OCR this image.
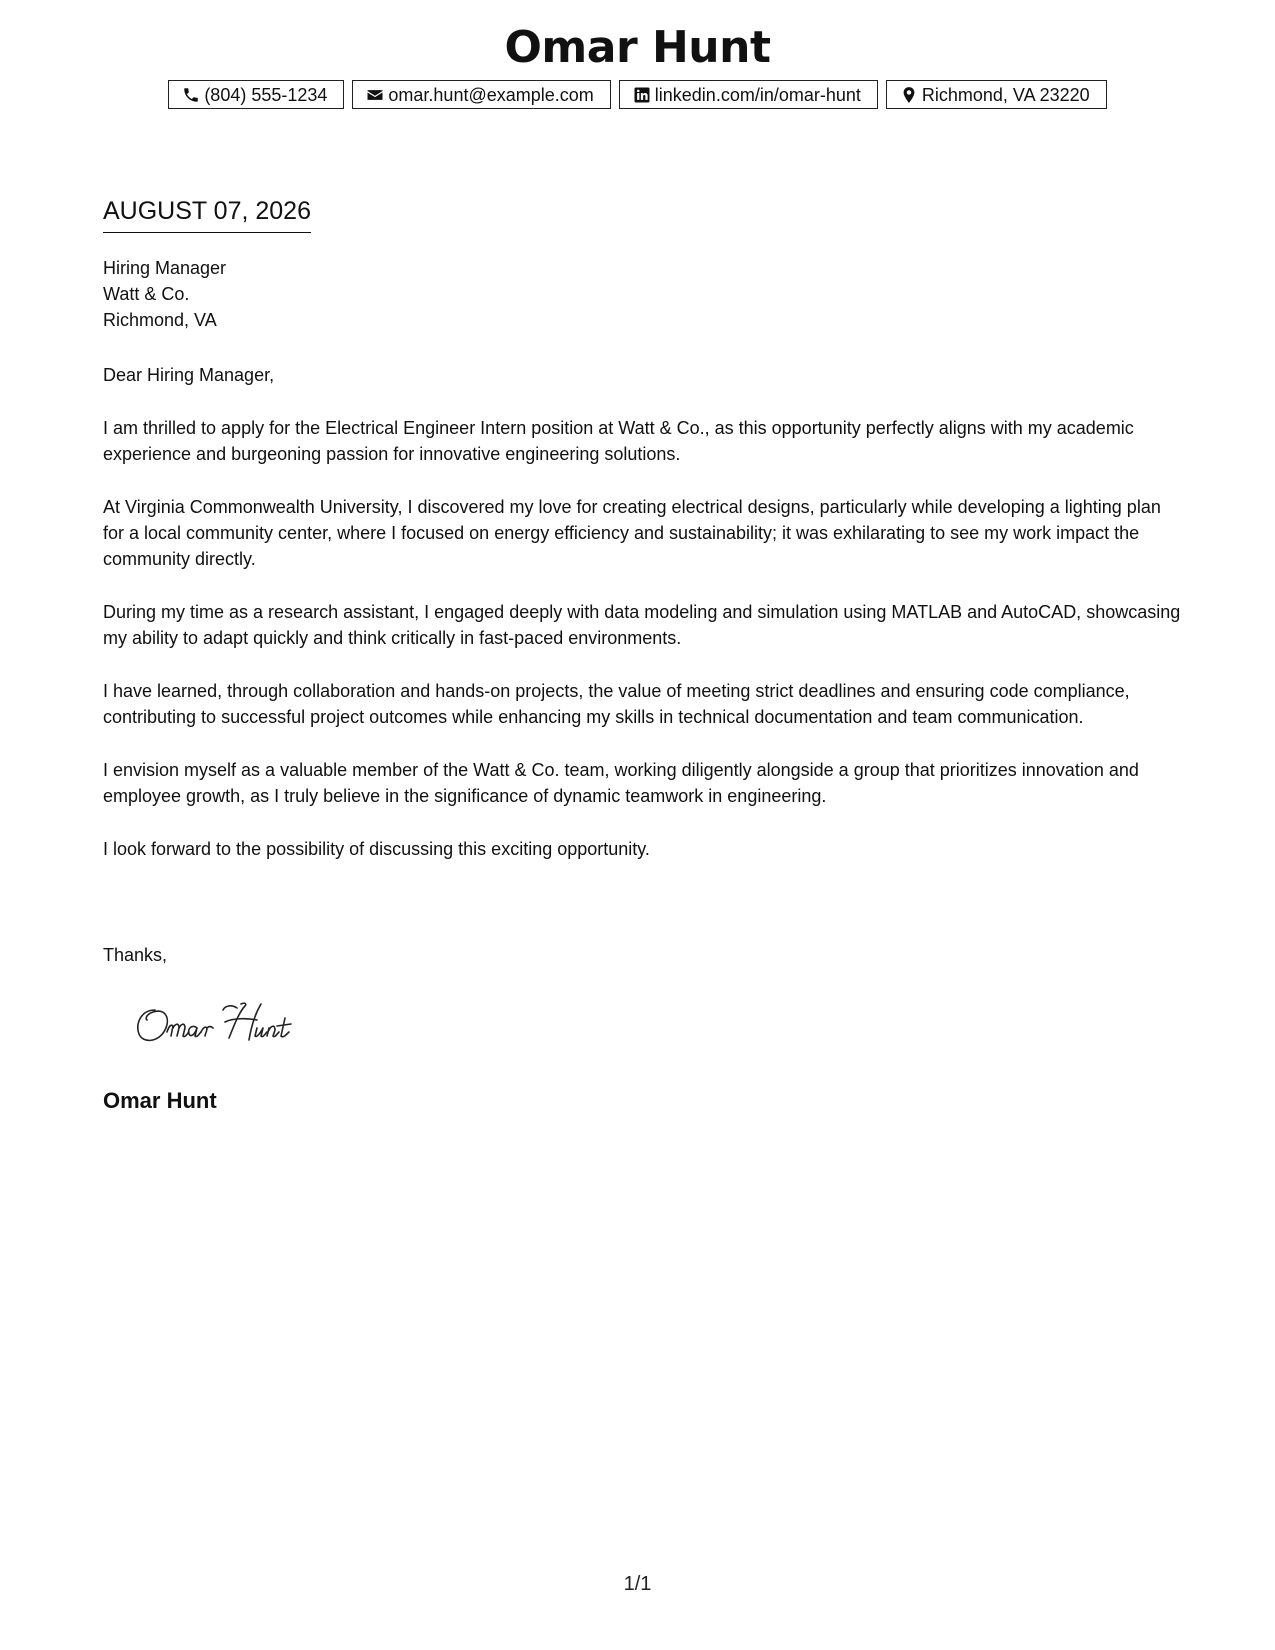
Omar Hunt
(804) 555-1234	omar.hunt@example.com	linkedin.com/in/omar-hunt	Richmond, VA 23220
AUGUST 07, 2026
Hiring Manager
Watt & Co.
Richmond, VA

Dear Hiring Manager,

I am thrilled to apply for the Electrical Engineer Intern position at Watt & Co., as this opportunity perfectly aligns with my academic experience and burgeoning passion for innovative engineering solutions.

At Virginia Commonwealth University, I discovered my love for creating electrical designs, particularly while developing a lighting plan for a local community center, where I focused on energy efficiency and sustainability; it was exhilarating to see my work impact the community directly.

During my time as a research assistant, I engaged deeply with data modeling and simulation using MATLAB and AutoCAD, showcasing my ability to adapt quickly and think critically in fast-paced environments.

I have learned, through collaboration and hands-on projects, the value of meeting strict deadlines and ensuring code compliance, contributing to successful project outcomes while enhancing my skills in technical documentation and team communication.

I envision myself as a valuable member of the Watt & Co. team, working diligently alongside a group that prioritizes innovation and employee growth, as I truly believe in the significance of dynamic teamwork in engineering.

I look forward to the possibility of discussing this exciting opportunity.

Thanks,
Omar Hunt
1/1
